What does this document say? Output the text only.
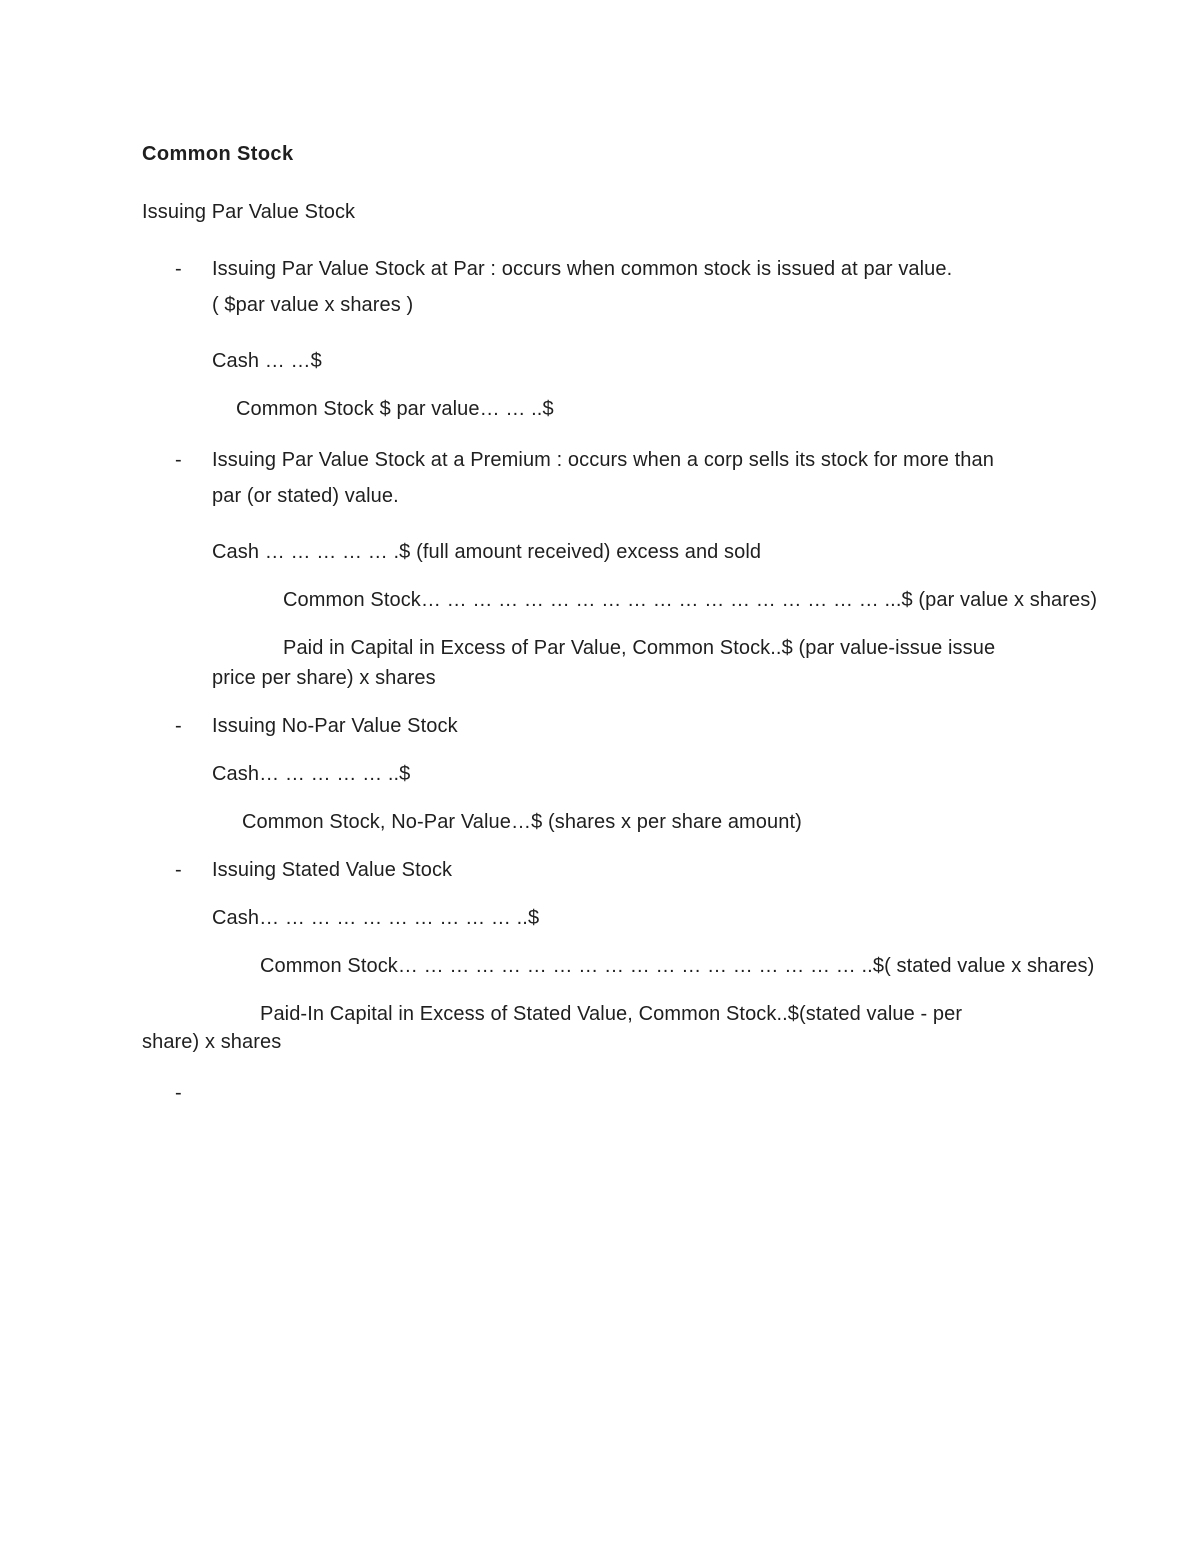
Common Stock
Issuing Par Value Stock
- Issuing Par Value Stock at Par : occurs when common stock is issued at par value.
( $par value x shares )
Cash … …$
Common Stock $ par value… … ..$
- Issuing Par Value Stock at a Premium : occurs when a corp sells its stock for more than
par (or stated) value.
Cash … … … … … .$ (full amount received) excess and sold
Common Stock… … … … … … … … … … … … … … … … … … ...$ (par value x shares)
Paid in Capital in Excess of Par Value, Common Stock..$ (par value-issue issue
price per share) x shares
- Issuing No-Par Value Stock
Cash… … … … … ..$
Common Stock, No-Par Value…$ (shares x per share amount)
- Issuing Stated Value Stock
Cash… … … … … … … … … … ..$
Common Stock… … … … … … … … … … … … … … … … … … ..$( stated value x shares)
Paid-In Capital in Excess of Stated Value, Common Stock..$(stated value - per
share) x shares
-
